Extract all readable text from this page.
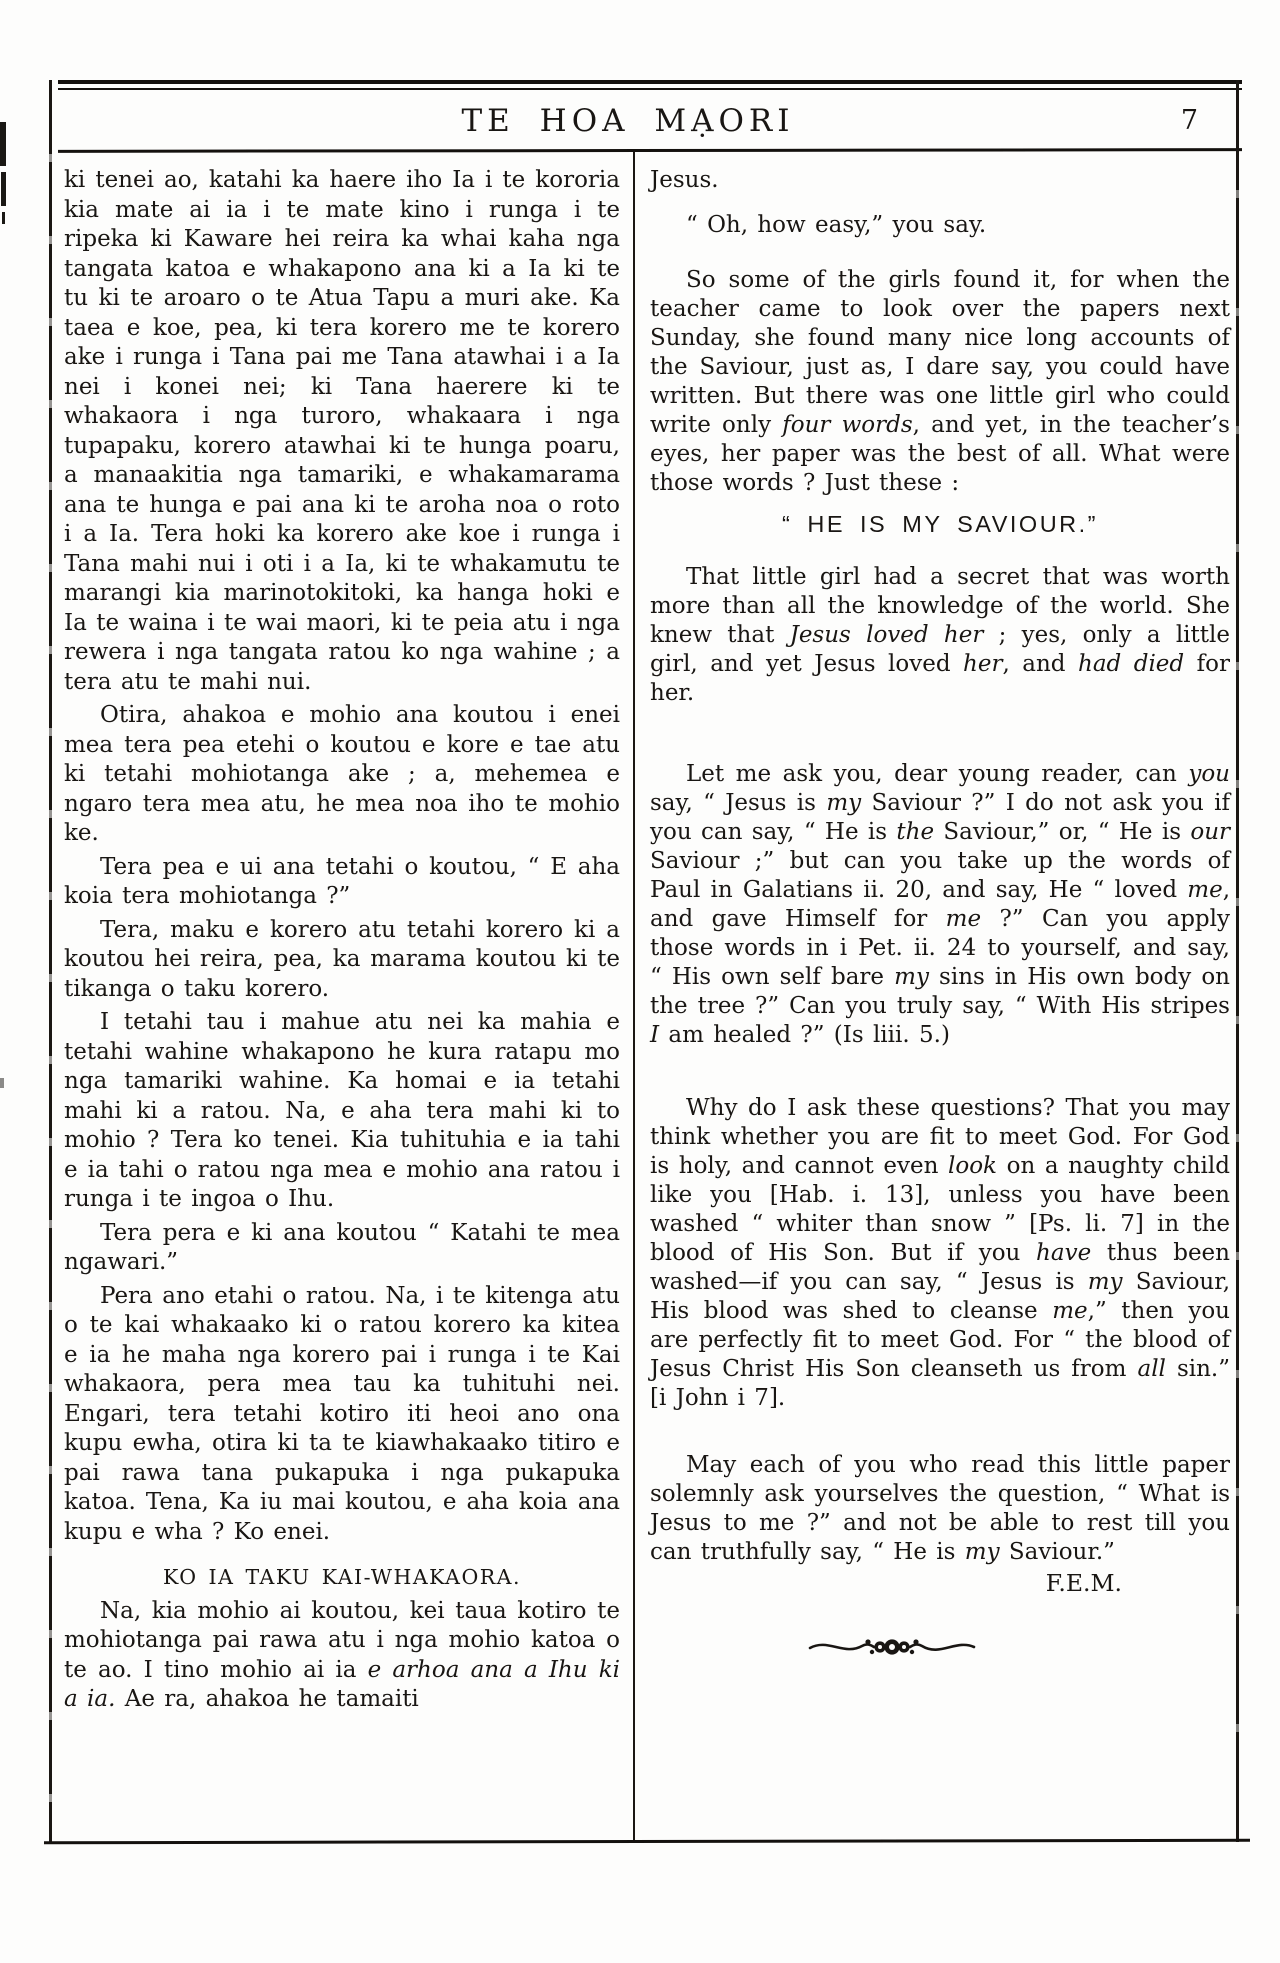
TE HOA MẠORI	7

ki tenei ao, katahi ka haere iho Ia i te kororia kia mate ai ia i te mate kino i runga i te ripeka ki Kaware hei reira ka whai kaha nga tangata katoa e whakapono ana ki a Ia ki te tu ki te aroaro o te Atua Tapu a muri ake. Ka taea e koe, pea, ki tera korero me te korero ake i runga i Tana pai me Tana atawhai i a Ia nei i konei nei; ki Tana haerere ki te whakaora i nga turoro, whakaara i nga tupapaku, korero atawhai ki te hunga poaru, a manaakitia nga tamariki, e whakamarama ana te hunga e pai ana ki te aroha noa o roto i a Ia. Tera hoki ka korero ake koe i runga i Tana mahi nui i oti i a Ia, ki te whakamutu te marangi kia marinotokitoki, ka hanga hoki e Ia te waina i te wai maori, ki te peia atu i nga rewera i nga tangata ratou ko nga wahine ; a tera atu te mahi nui.

Otira, ahakoa e mohio ana koutou i enei mea tera pea etehi o koutou e kore e tae atu ki tetahi mohiotanga ake ; a, mehemea e ngaro tera mea atu, he mea noa iho te mohio ke.

Tera pea e ui ana tetahi o koutou, “ E aha koia tera mohiotanga ?”

Tera, maku e korero atu tetahi korero ki a koutou hei reira, pea, ka marama koutou ki te tikanga o taku korero.

I tetahi tau i mahue atu nei ka mahia e tetahi wahine whakapono he kura ratapu mo nga tamariki wahine. Ka homai e ia tetahi mahi ki a ratou. Na, e aha tera mahi ki to mohio ? Tera ko tenei. Kia tuhituhia e ia tahi e ia tahi o ratou nga mea e mohio ana ratou i runga i te ingoa o Ihu.

Tera pera e ki ana koutou “ Katahi te mea ngawari.”

Pera ano etahi o ratou. Na, i te kitenga atu o te kai whakaako ki o ratou korero ka kitea e ia he maha nga korero pai i runga i te Kai whakaora, pera mea tau ka tuhituhi nei. Engari, tera tetahi kotiro iti heoi ano ona kupu ewha, otira ki ta te kiawhakaako titiro e pai rawa tana pukapuka i nga pukapuka katoa. Tena, Ka iu mai koutou, e aha koia ana kupu e wha ? Ko enei.

KO IA TAKU KAI-WHAKAORA.

Na, kia mohio ai koutou, kei taua kotiro te mohiotanga pai rawa atu i nga mohio katoa o te ao. I tino mohio ai ia e arhoa ana a Ihu ki a ia. Ae ra, ahakoa he tamaiti

Jesus.

“ Oh, how easy,” you say.

So some of the girls found it, for when the teacher came to look over the papers next Sunday, she found many nice long accounts of the Saviour, just as, I dare say, you could have written. But there was one little girl who could write only four words, and yet, in the teacher’s eyes, her paper was the best of all. What were those words ? Just these :

“ HE IS MY SAVIOUR.”

That little girl had a secret that was worth more than all the knowledge of the world. She knew that Jesus loved her ; yes, only a little girl, and yet Jesus loved her, and had died for her.

Let me ask you, dear young reader, can you say, “ Jesus is my Saviour ?” I do not ask you if you can say, “ He is the Saviour,” or, “ He is our Saviour ;” but can you take up the words of Paul in Galatians ii. 20, and say, He “ loved me, and gave Himself for me ?” Can you apply those words in i Pet. ii. 24 to yourself, and say, “ His own self bare my sins in His own body on the tree ?” Can you truly say, “ With His stripes I am healed ?” (Is liii. 5.)

Why do I ask these questions? That you may think whether you are fit to meet God. For God is holy, and cannot even look on a naughty child like you [Hab. i. 13], unless you have been washed “ whiter than snow ” [Ps. li. 7] in the blood of His Son. But if you have thus been washed—if you can say, “ Jesus is my Saviour, His blood was shed to cleanse me,” then you are perfectly fit to meet God. For “ the blood of Jesus Christ His Son cleanseth us from all sin.” [i John i 7].

May each of you who read this little paper solemnly ask yourselves the question, “ What is Jesus to me ?” and not be able to rest till you can truthfully say, “ He is my Saviour.”

F.E.M.
